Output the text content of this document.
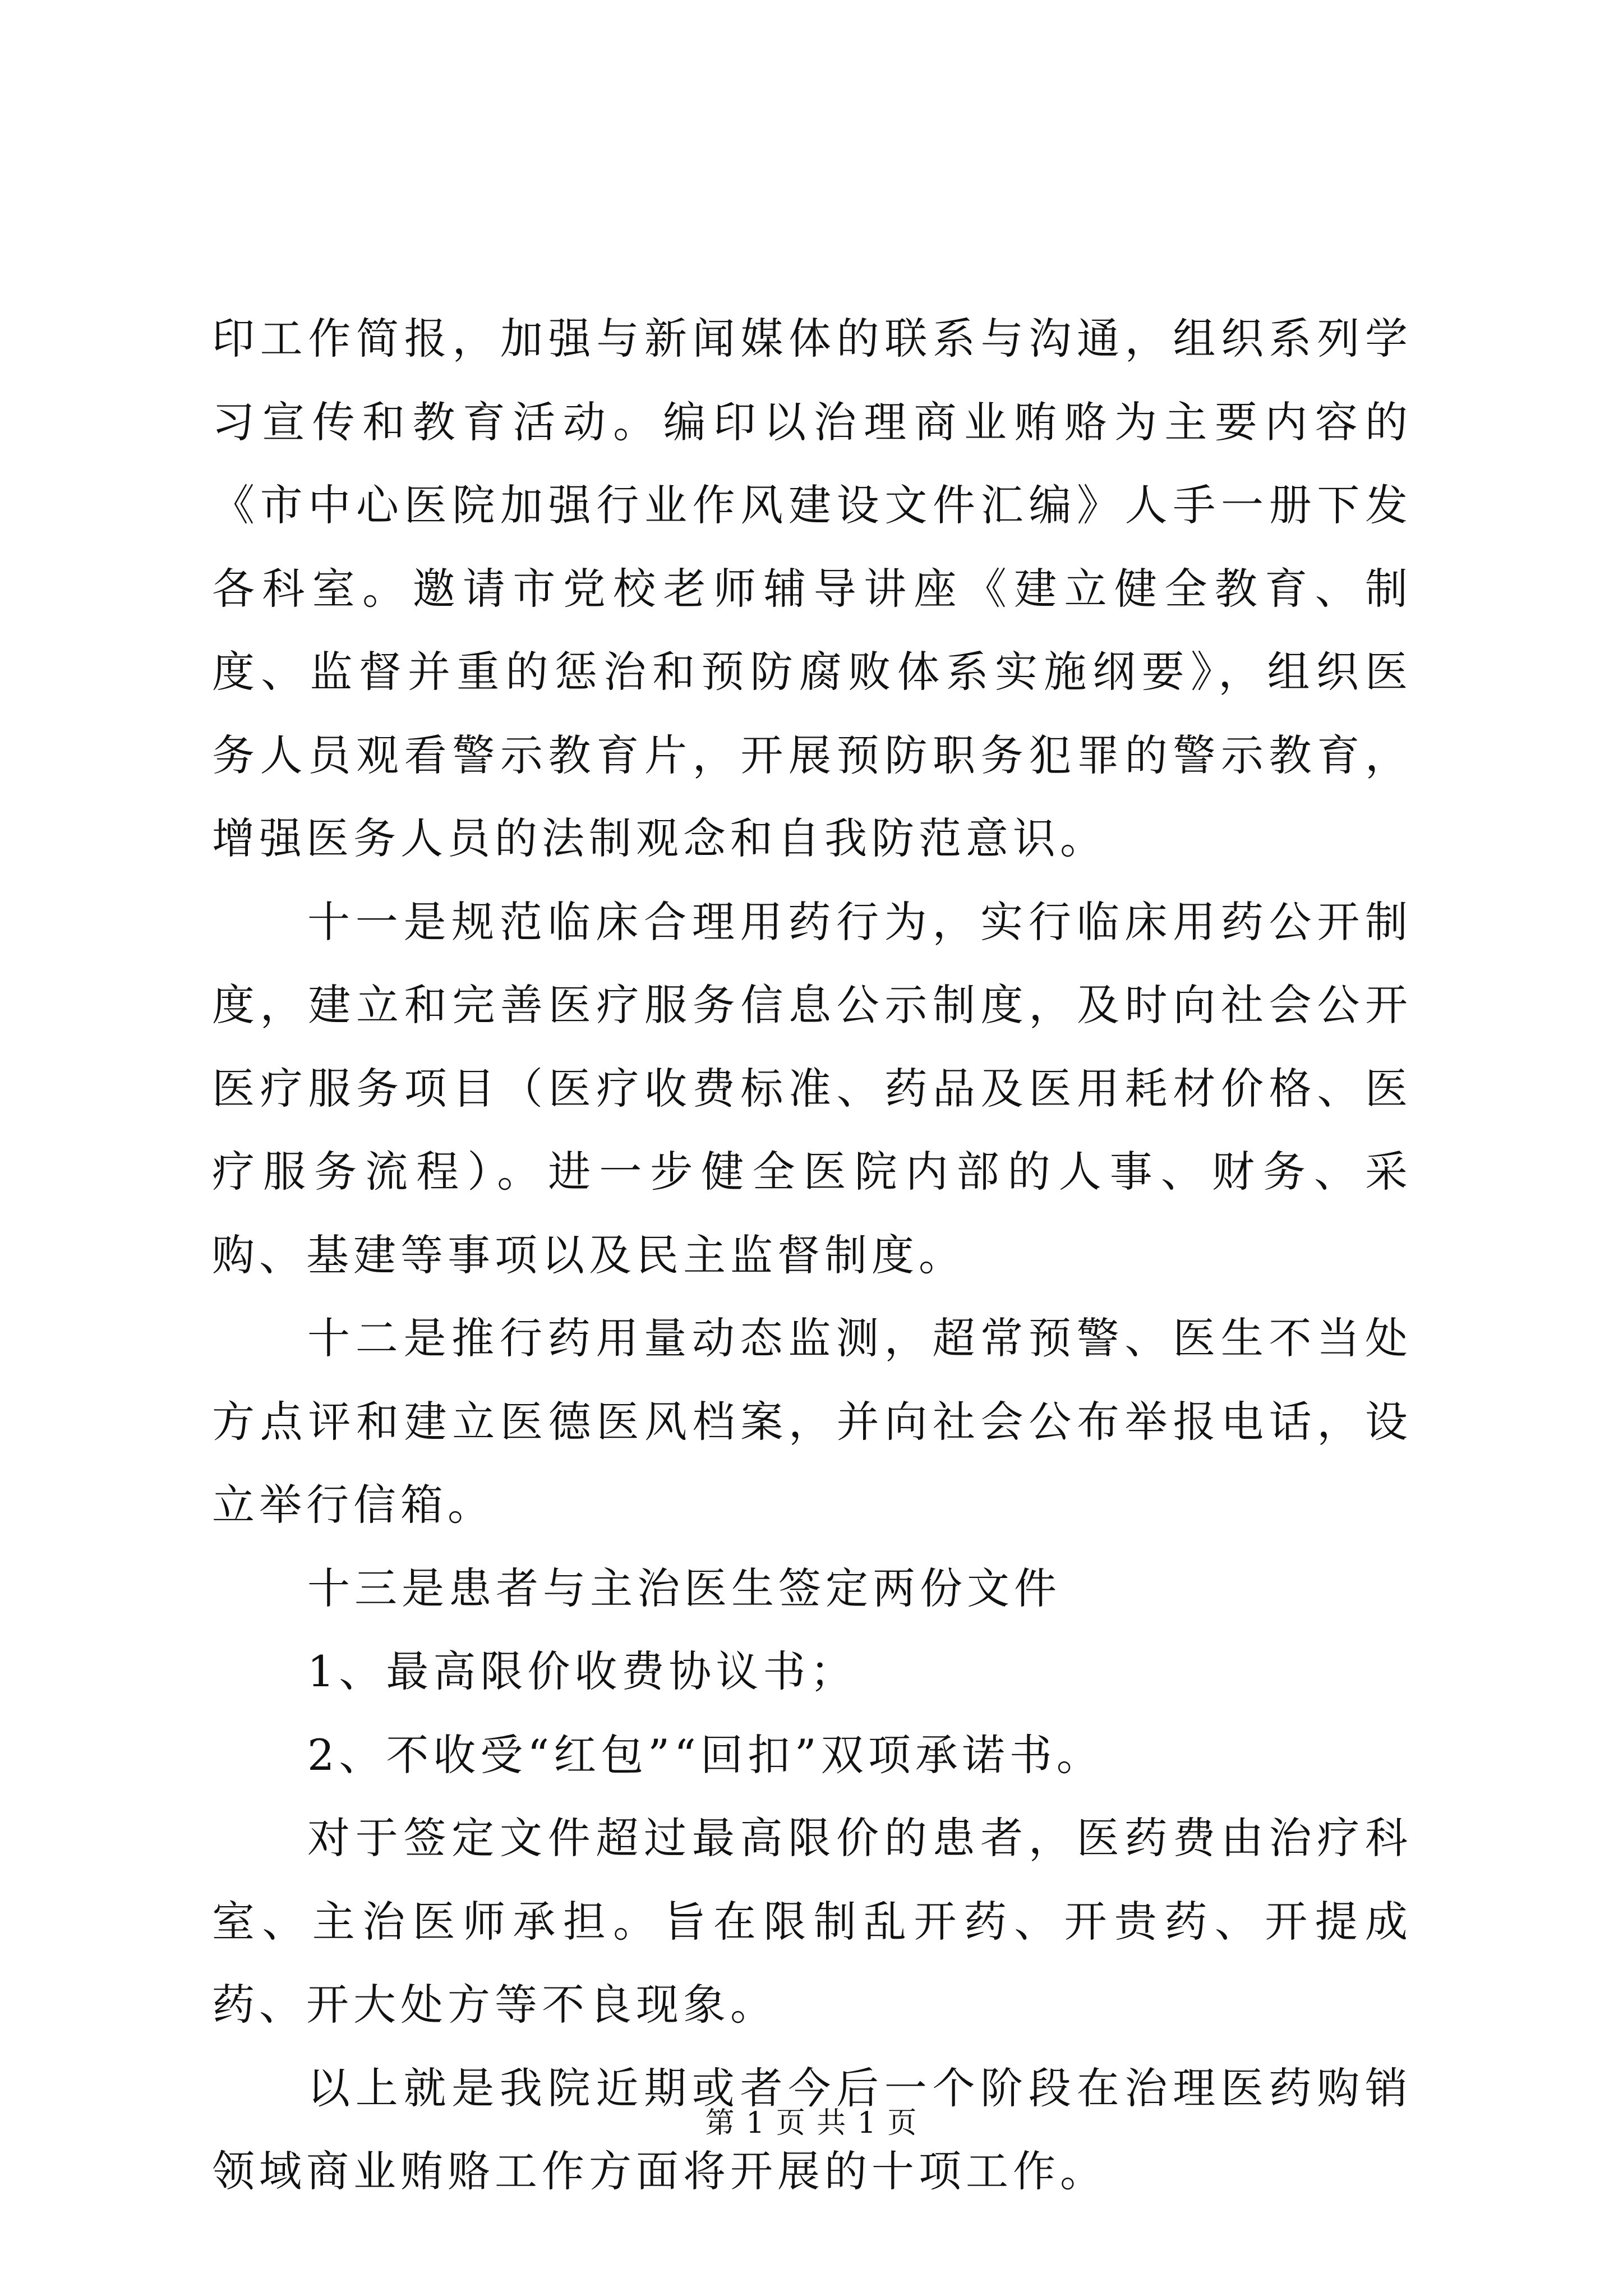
印工作简报，加强与新闻媒体的联系与沟通，组织系列学习宣传和教育活动。编印以治理商业贿赂为主要内容的《市中心医院加强行业作风建设文件汇编》人手一册下发各科室。邀请市党校老师辅导讲座《建立健全教育、制度、监督并重的惩治和预防腐败体系实施纲要》，组织医务人员观看警示教育片，开展预防职务犯罪的警示教育，增强医务人员的法制观念和自我防范意识。

十一是规范临床合理用药行为，实行临床用药公开制度，建立和完善医疗服务信息公示制度，及时向社会公开医疗服务项目（医疗收费标准、药品及医用耗材价格、医疗服务流程）。进一步健全医院内部的人事、财务、采购、基建等事项以及民主监督制度。

十二是推行药用量动态监测，超常预警、医生不当处方点评和建立医德医风档案，并向社会公布举报电话，设立举行信箱。

十三是患者与主治医生签定两份文件

1、最高限价收费协议书；

2、不收受“红包”“回扣”双项承诺书。

对于签定文件超过最高限价的患者，医药费由治疗科室、主治医师承担。旨在限制乱开药、开贵药、开提成药、开大处方等不良现象。

以上就是我院近期或者今后一个阶段在治理医药购销领域商业贿赂工作方面将开展的十项工作。

第 1 页 共 1 页
